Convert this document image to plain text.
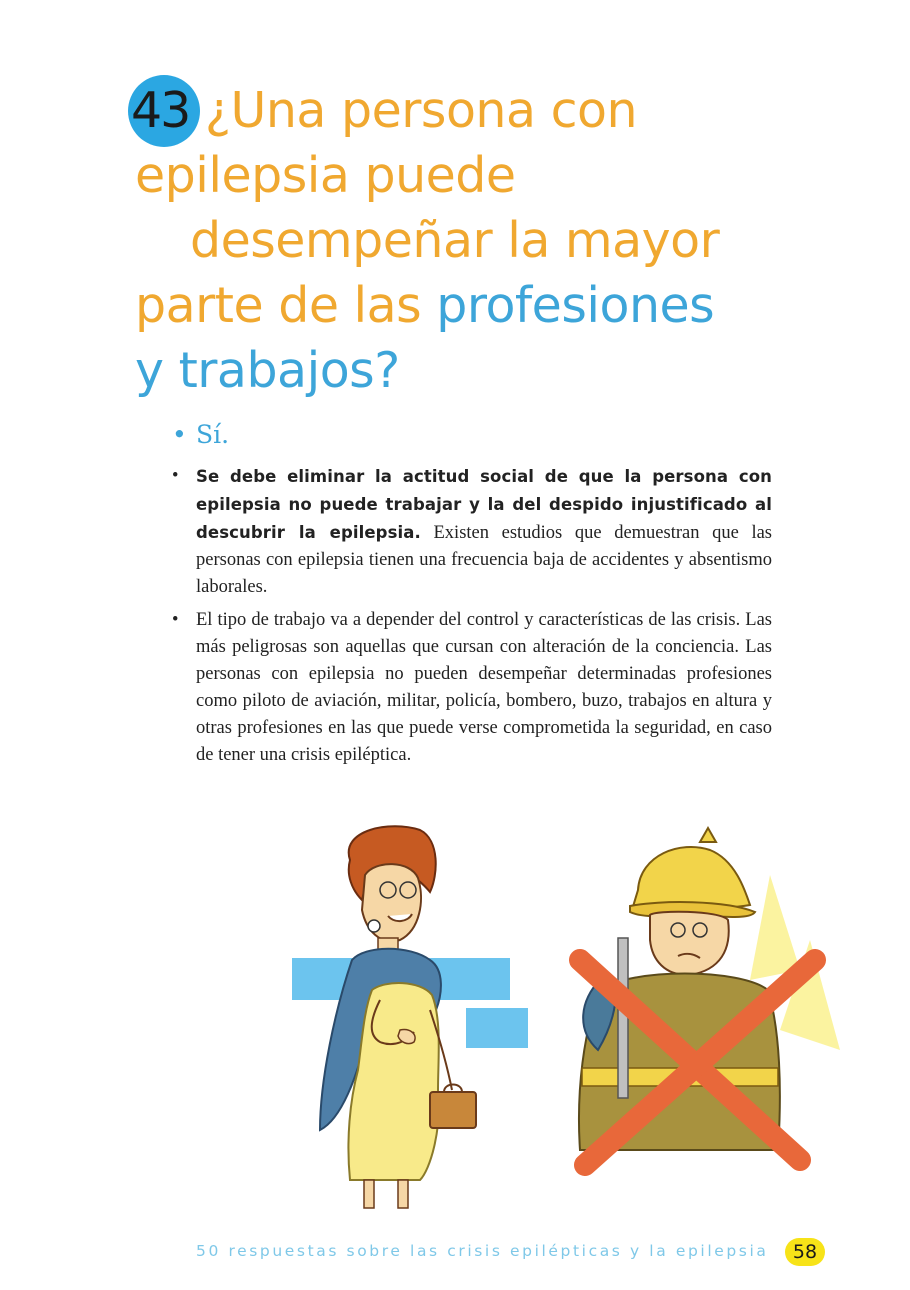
43 ¿Una persona con
epilepsia puede
desempeñar la mayor
parte de las profesiones
y trabajos?
• Sí.
•	Se debe eliminar la actitud social de que la persona con epilepsia no puede trabajar y la del despido injustificado al descubrir la epilepsia. Existen estudios que demuestran que las personas con epilepsia tienen una frecuencia baja de accidentes y absentismo laborales.
• El tipo de trabajo va a depender del control y características de las crisis. Las más peligrosas son aquellas que cursan con alteración de la conciencia. Las personas con epilepsia no pueden desempeñar determinadas profesiones como piloto de aviación, militar, policía, bombero, buzo, trabajos en altura y otras profesiones en las que puede verse comprometida la seguridad, en caso de tener una crisis epiléptica.
50 respuestas sobre las crisis epilépticas y la epilepsia	58
